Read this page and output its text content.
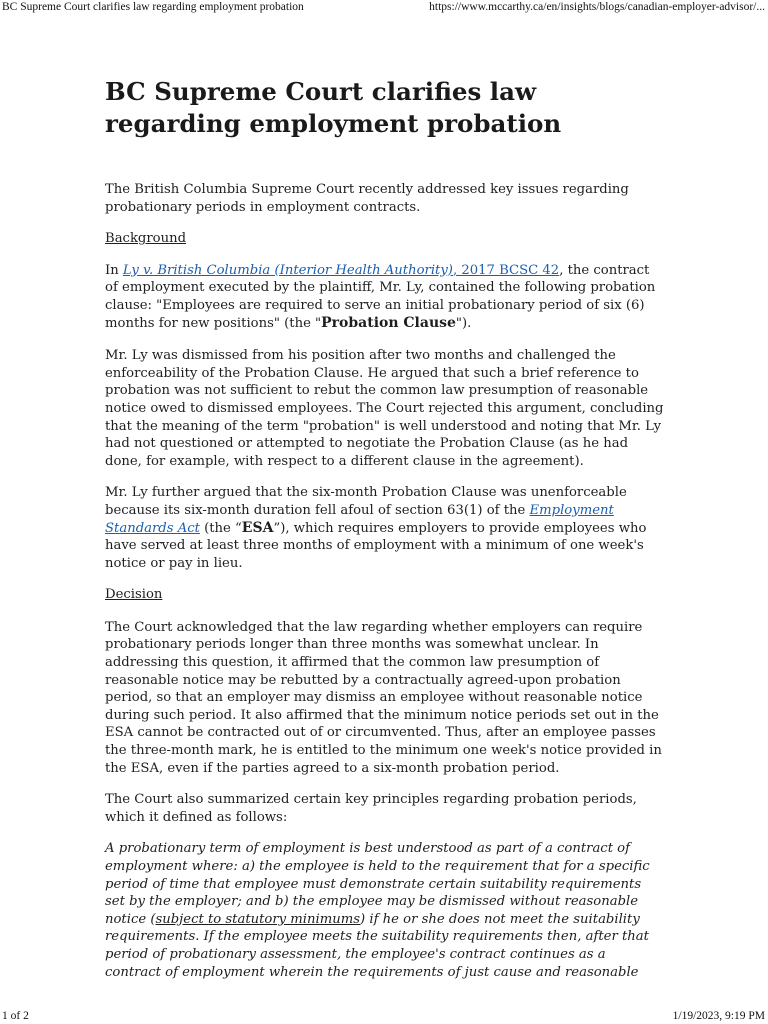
BC Supreme Court clarifies law regarding employment probation	https://www.mccarthy.ca/en/insights/blogs/canadian-employer-advisor/...
BC Supreme Court clarifies law regarding employment probation

The British Columbia Supreme Court recently addressed key issues regarding probationary periods in employment contracts.

Background

In Ly v. British Columbia (Interior Health Authority), 2017 BCSC 42, the contract of employment executed by the plaintiff, Mr. Ly, contained the following probation clause: "Employees are required to serve an initial probationary period of six (6) months for new positions" (the "Probation Clause").

Mr. Ly was dismissed from his position after two months and challenged the enforceability of the Probation Clause. He argued that such a brief reference to probation was not sufficient to rebut the common law presumption of reasonable notice owed to dismissed employees. The Court rejected this argument, concluding that the meaning of the term "probation" is well understood and noting that Mr. Ly had not questioned or attempted to negotiate the Probation Clause (as he had done, for example, with respect to a different clause in the agreement).

Mr. Ly further argued that the six-month Probation Clause was unenforceable because its six-month duration fell afoul of section 63(1) of the Employment Standards Act (the “ESA”), which requires employers to provide employees who have served at least three months of employment with a minimum of one week's notice or pay in lieu.

Decision

The Court acknowledged that the law regarding whether employers can require probationary periods longer than three months was somewhat unclear. In addressing this question, it affirmed that the common law presumption of reasonable notice may be rebutted by a contractually agreed-upon probation period, so that an employer may dismiss an employee without reasonable notice during such period. It also affirmed that the minimum notice periods set out in the ESA cannot be contracted out of or circumvented. Thus, after an employee passes the three-month mark, he is entitled to the minimum one week's notice provided in the ESA, even if the parties agreed to a six-month probation period.

The Court also summarized certain key principles regarding probation periods, which it defined as follows:

A probationary term of employment is best understood as part of a contract of employment where: a) the employee is held to the requirement that for a specific period of time that employee must demonstrate certain suitability requirements set by the employer; and b) the employee may be dismissed without reasonable notice (subject to statutory minimums) if he or she does not meet the suitability requirements. If the employee meets the suitability requirements then, after that period of probationary assessment, the employee's contract continues as a contract of employment wherein the requirements of just cause and reasonable

1 of 2	1/19/2023, 9:19 PM
